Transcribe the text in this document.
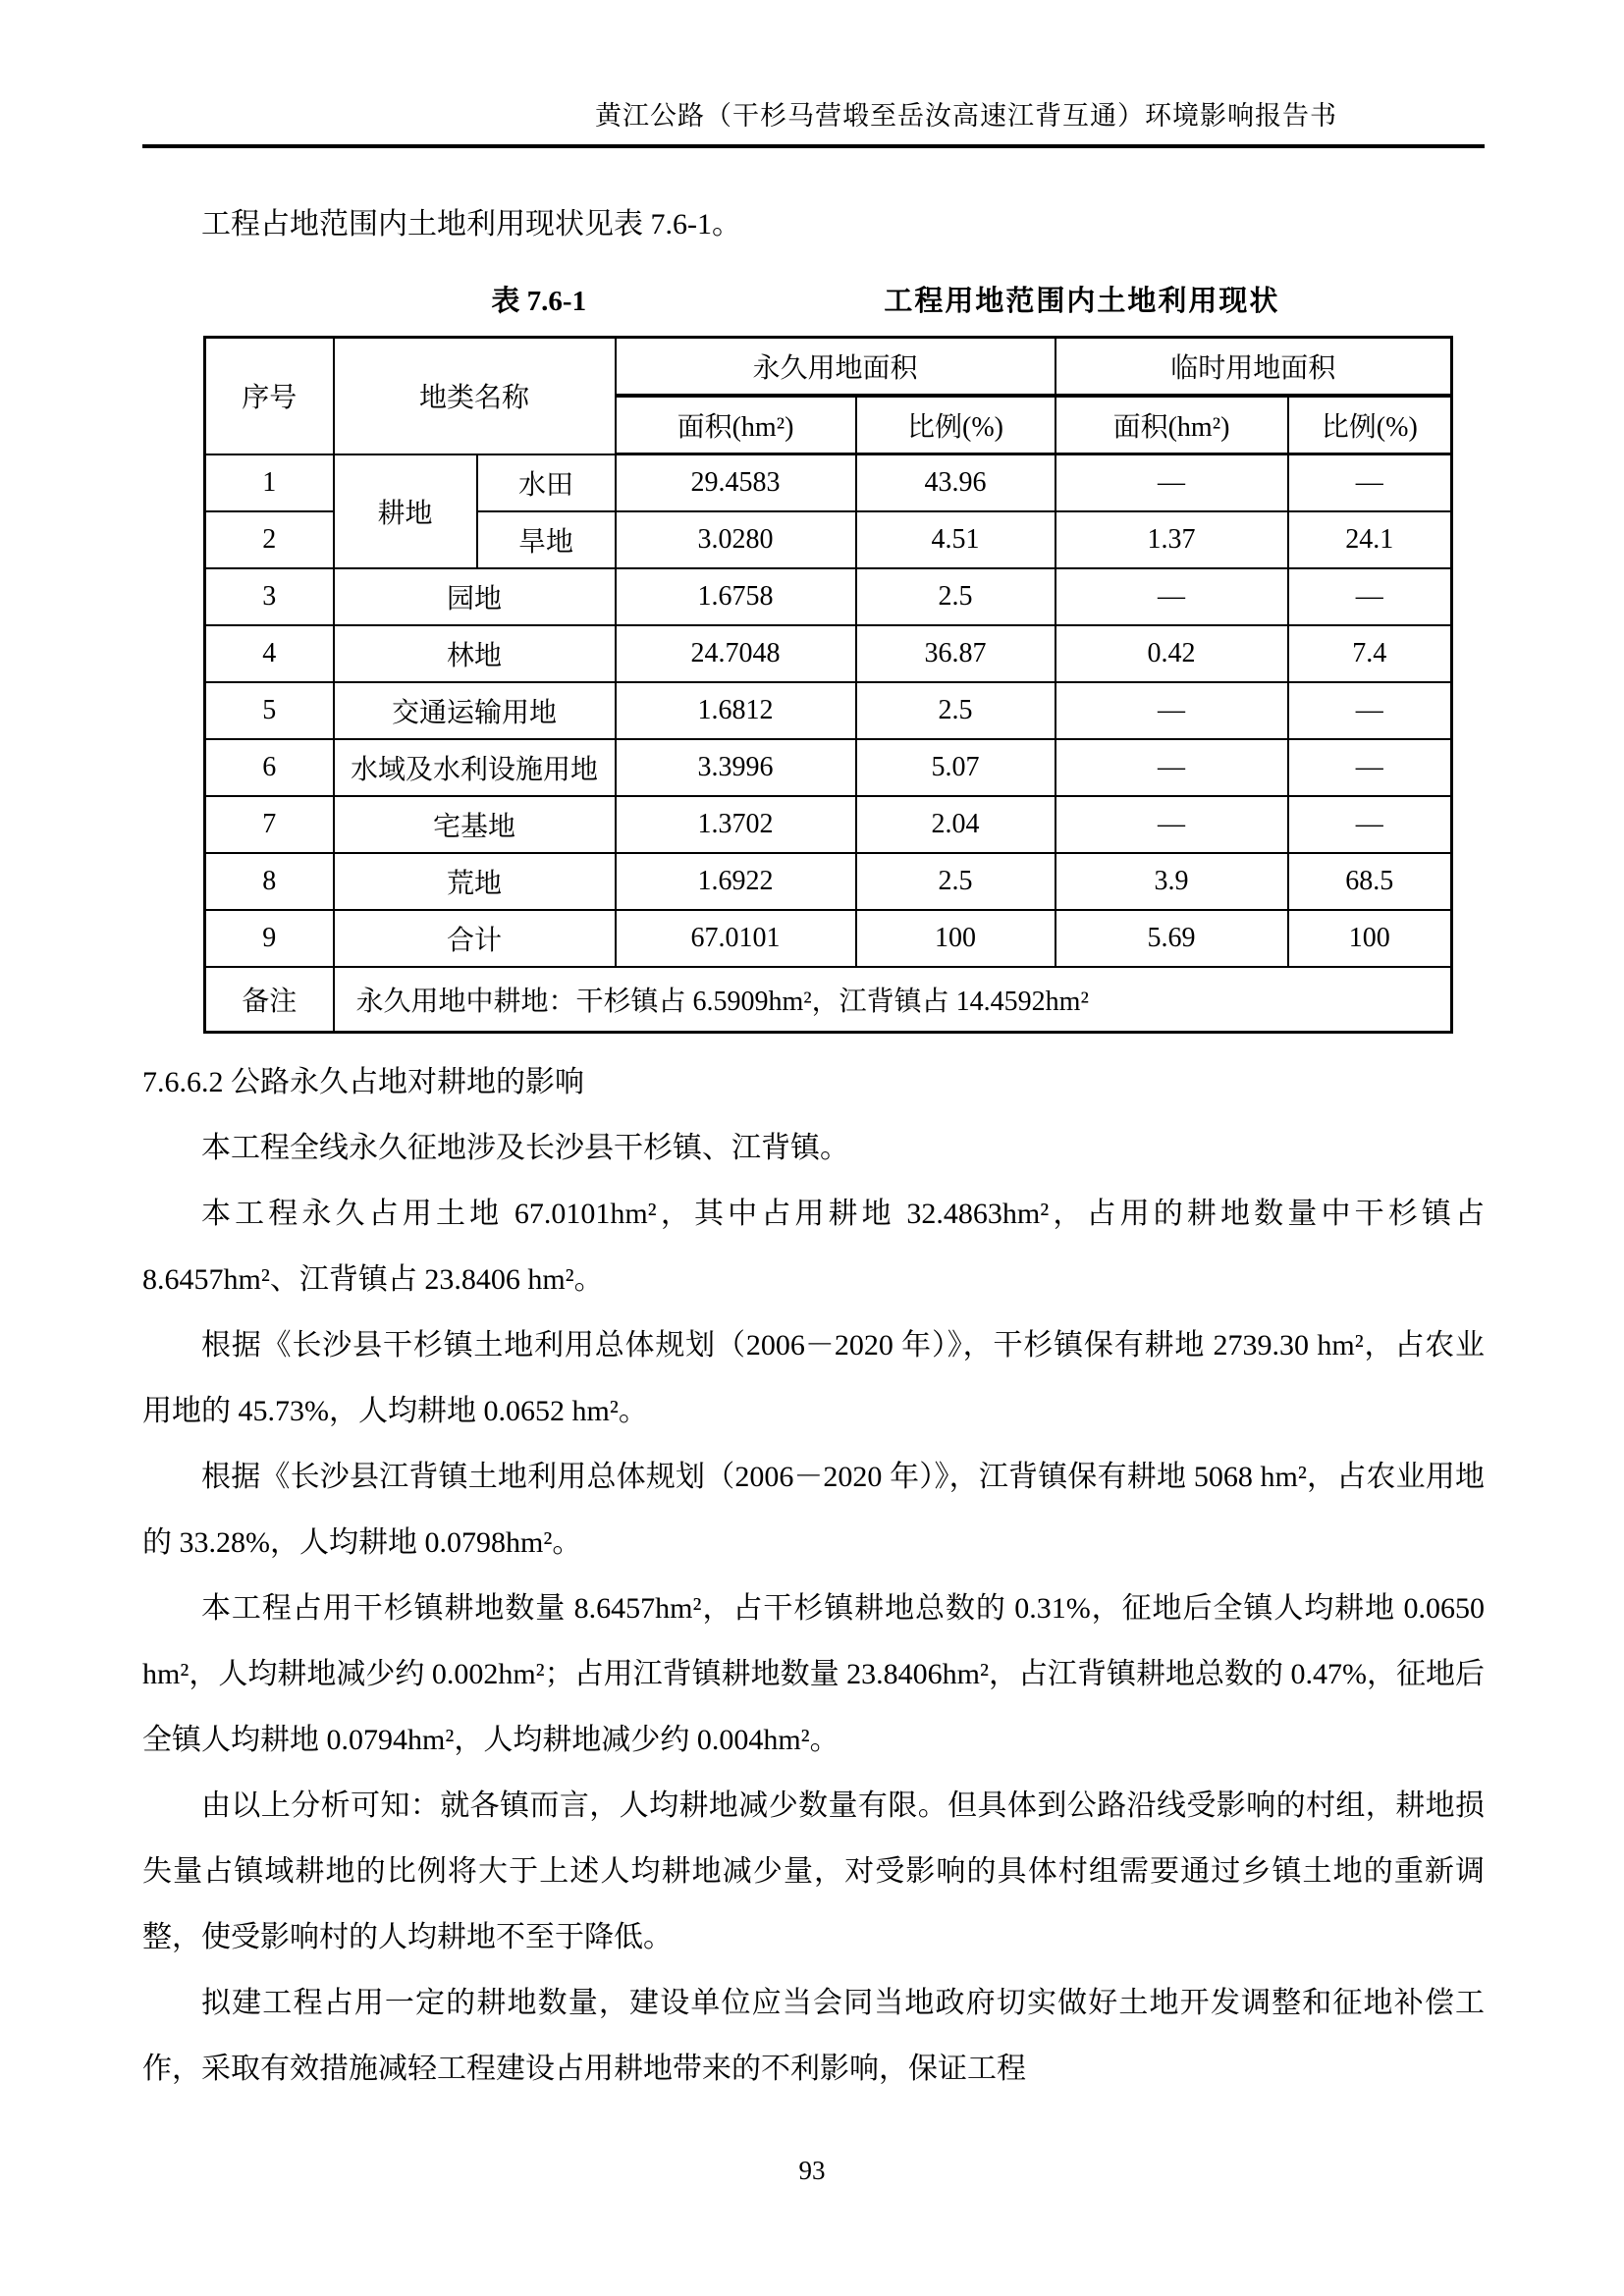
黄江公路（干杉马营塅至岳汝高速江背互通）环境影响报告书

工程占地范围内土地利用现状见表 7.6-1。

表 7.6-1	工程用地范围内土地利用现状
序号	地类名称		永久用地面积		临时用地面积	
			面积(hm²)	比例(%)	面积(hm²)	比例(%)
1	耕地	水田	29.4583	43.96	—	—
2		旱地	3.0280	4.51	1.37	24.1
3	园地		1.6758	2.5	—	—
4	林地		24.7048	36.87	0.42	7.4
5	交通运输用地		1.6812	2.5	—	—
6	水域及水利设施用地		3.3996	5.07	—	—
7	宅基地		1.3702	2.04	—	—
8	荒地		1.6922	2.5	3.9	68.5
9	合计		67.0101	100	5.69	100
备注	永久用地中耕地：干杉镇占 6.5909hm²，江背镇占 14.4592hm²					
7.6.6.2 公路永久占地对耕地的影响

本工程全线永久征地涉及长沙县干杉镇、江背镇。

本工程永久占用土地 67.0101hm²，其中占用耕地 32.4863hm²，占用的耕地数量中干杉镇占 8.6457hm²、江背镇占 23.8406 hm²。

根据《长沙县干杉镇土地利用总体规划（2006－2020 年）》，干杉镇保有耕地 2739.30 hm²，占农业用地的 45.73%，人均耕地 0.0652 hm²。

根据《长沙县江背镇土地利用总体规划（2006－2020 年）》，江背镇保有耕地 5068 hm²，占农业用地的 33.28%，人均耕地 0.0798hm²。

本工程占用干杉镇耕地数量 8.6457hm²，占干杉镇耕地总数的 0.31%，征地后全镇人均耕地 0.0650 hm²，人均耕地减少约 0.002hm²；占用江背镇耕地数量 23.8406hm²，占江背镇耕地总数的 0.47%，征地后全镇人均耕地 0.0794hm²，人均耕地减少约 0.004hm²。

由以上分析可知：就各镇而言，人均耕地减少数量有限。但具体到公路沿线受影响的村组，耕地损失量占镇域耕地的比例将大于上述人均耕地减少量，对受影响的具体村组需要通过乡镇土地的重新调整，使受影响村的人均耕地不至于降低。

拟建工程占用一定的耕地数量，建设单位应当会同当地政府切实做好土地开发调整和征地补偿工作，采取有效措施减轻工程建设占用耕地带来的不利影响，保证工程

93
